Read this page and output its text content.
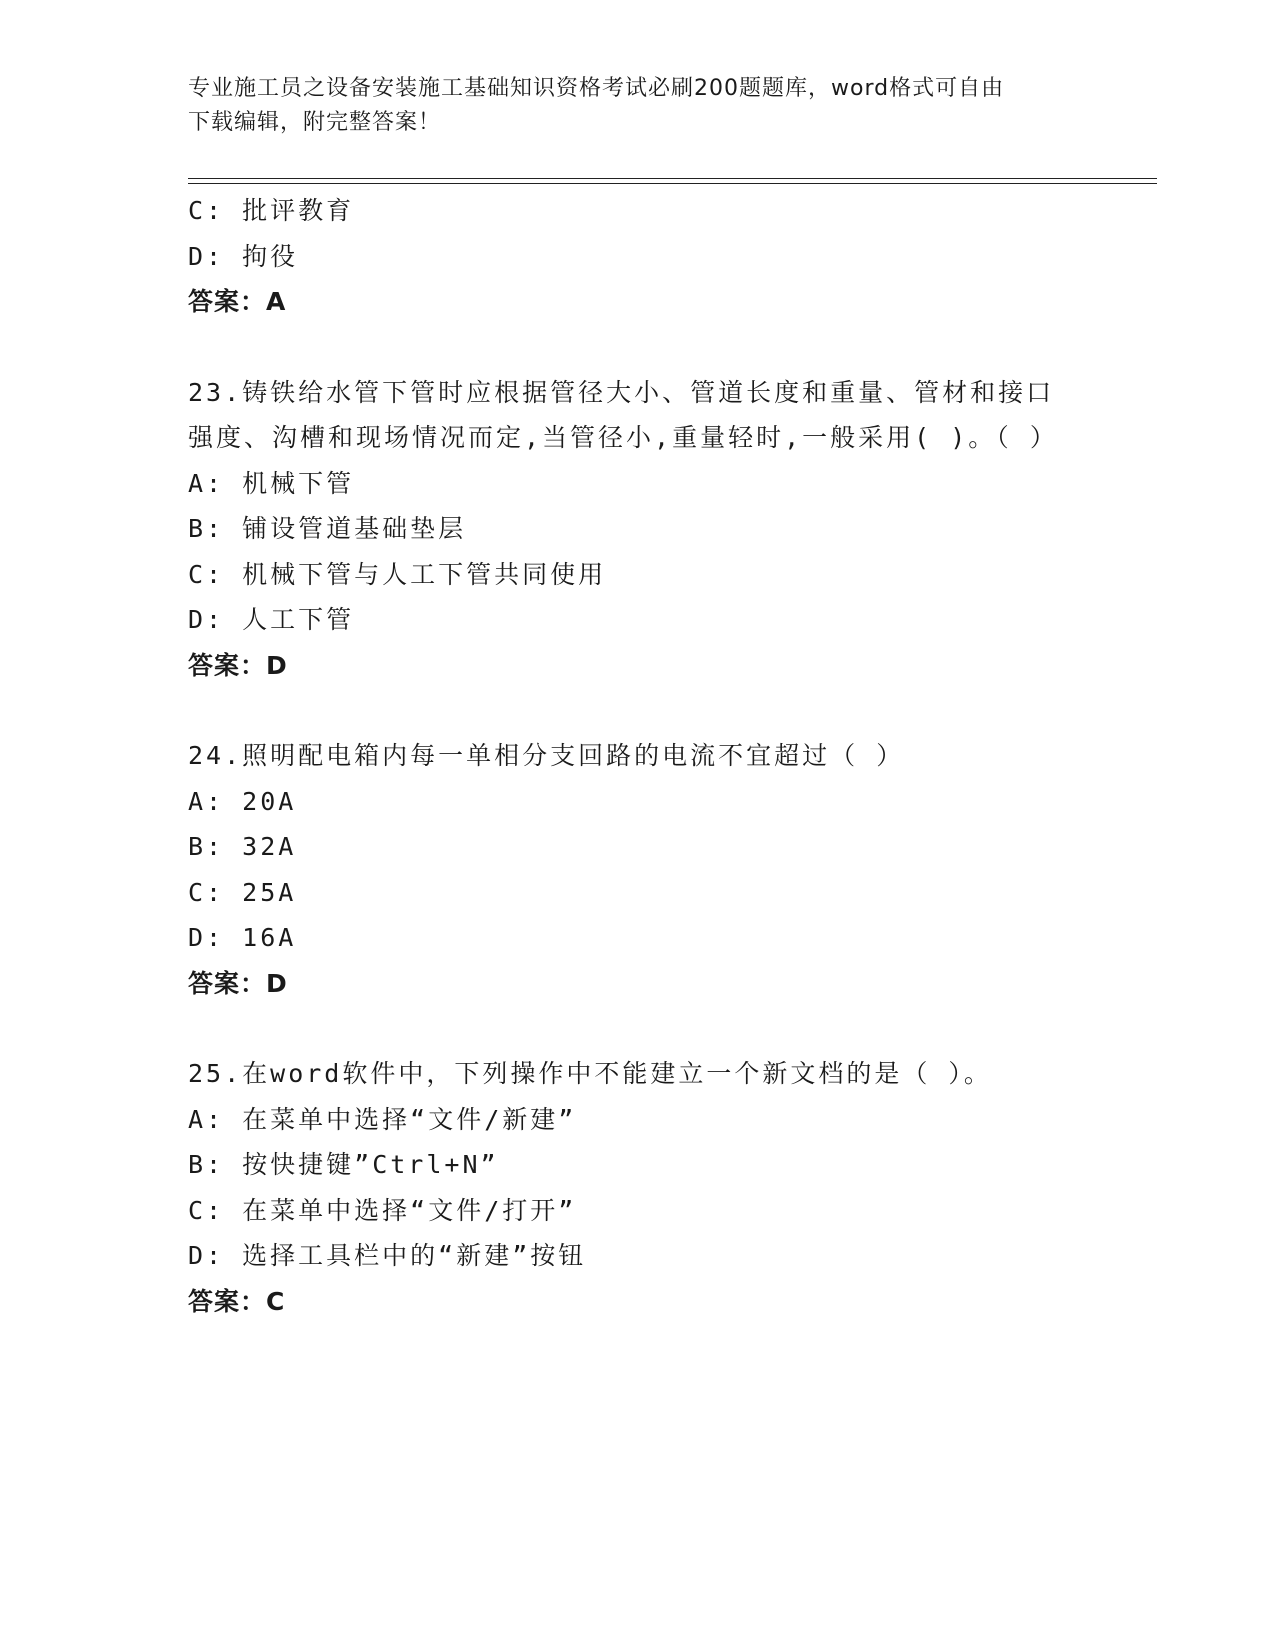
专业施工员之设备安装施工基础知识资格考试必刷200题题库，word格式可自由
下载编辑，附完整答案！
C: 批评教育
D: 拘役
答案：A
23.铸铁给水管下管时应根据管径大小、管道长度和重量、管材和接口强度、沟槽和现场情况而定,当管径小,重量轻时,一般采用( )。（ ）
A: 机械下管
B: 铺设管道基础垫层
C: 机械下管与人工下管共同使用
D: 人工下管
答案：D
24.照明配电箱内每一单相分支回路的电流不宜超过（ ）
A: 20A
B: 32A
C: 25A
D: 16A
答案：D
25.在word软件中，下列操作中不能建立一个新文档的是（ ）。
A: 在菜单中选择“文件/新建”
B: 按快捷键”Ctrl+N”
C: 在菜单中选择“文件/打开”
D: 选择工具栏中的“新建”按钮
答案：C
